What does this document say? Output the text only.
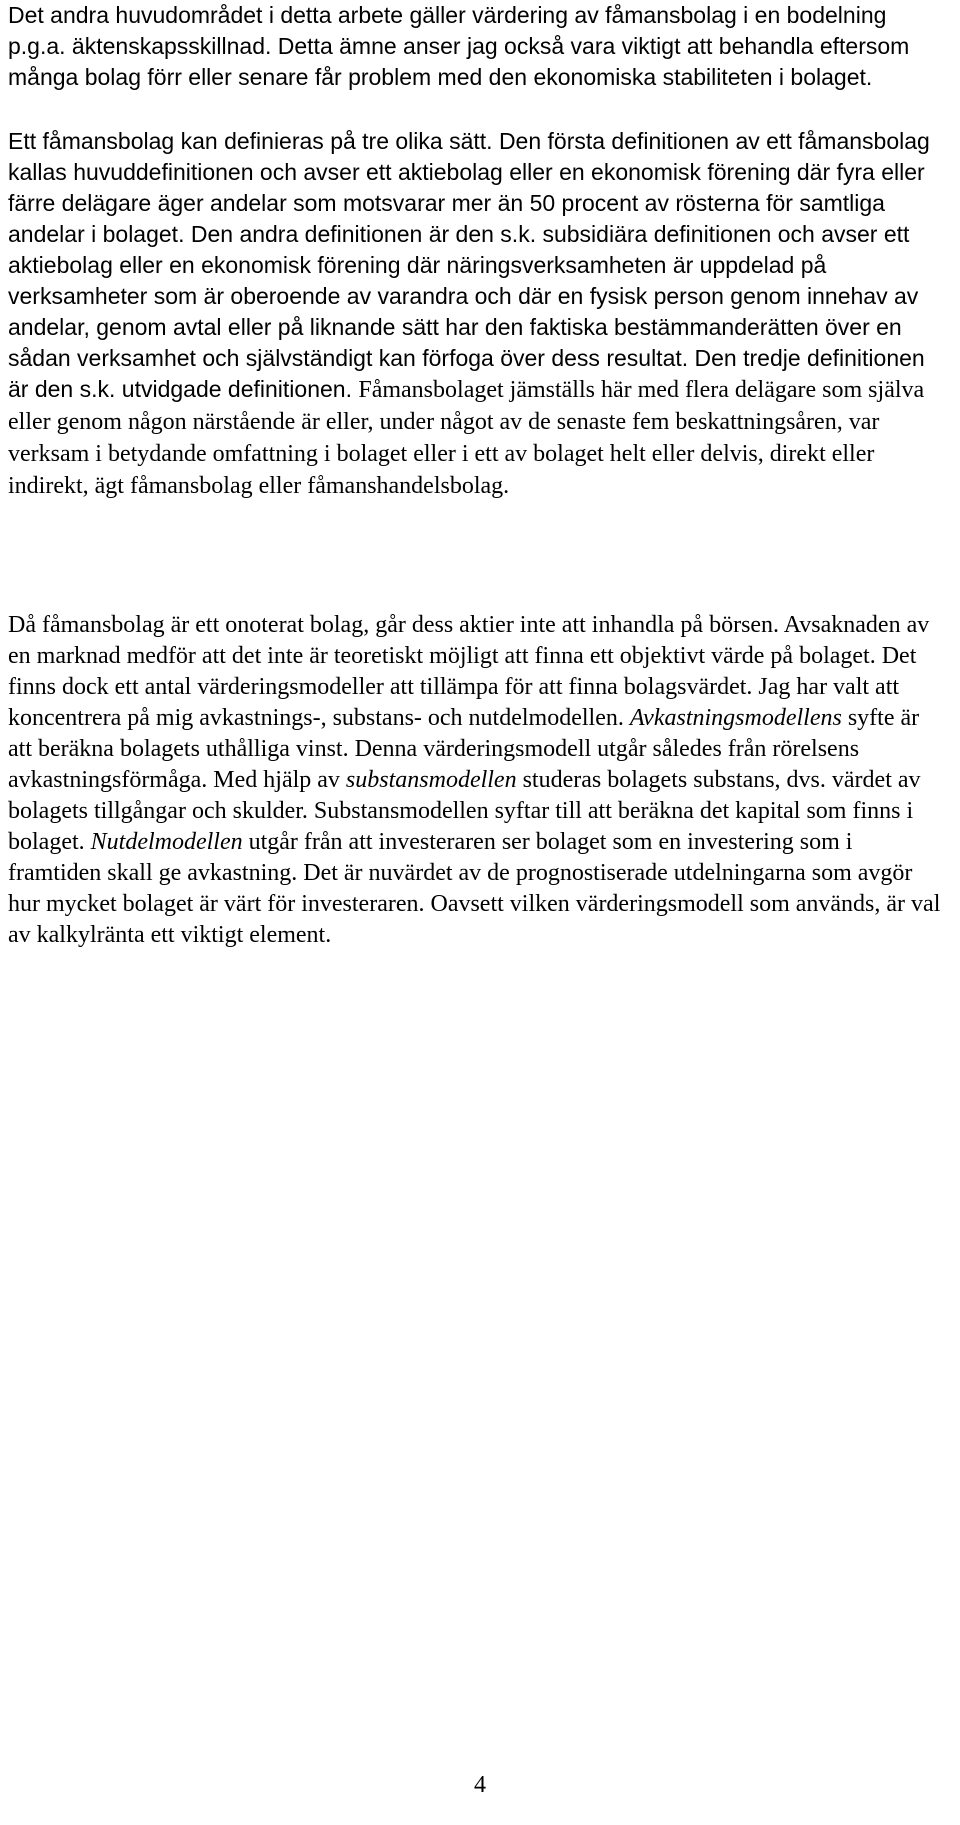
Det andra huvudområdet i detta arbete gäller värdering av fåmansbolag i en bodelning p.g.a. äktenskapsskillnad. Detta ämne anser jag också vara viktigt att behandla eftersom många bolag förr eller senare får problem med den ekonomiska stabiliteten i bolaget.

Ett fåmansbolag kan definieras på tre olika sätt. Den första definitionen av ett fåmansbolag kallas huvuddefinitionen och avser ett aktiebolag eller en ekonomisk förening där fyra eller färre delägare äger andelar som motsvarar mer än 50 procent av rösterna för samtliga andelar i bolaget. Den andra definitionen är den s.k. subsidiära definitionen och avser ett aktiebolag eller en ekonomisk förening där näringsverksamheten är uppdelad på verksamheter som är oberoende av varandra och där en fysisk person genom innehav av andelar, genom avtal eller på liknande sätt har den faktiska bestämmanderätten över en sådan verksamhet och självständigt kan förfoga över dess resultat. Den tredje definitionen är den s.k. utvidgade definitionen. Fåmansbolaget jämställs här med flera delägare som själva eller genom någon närstående är eller, under något av de senaste fem beskattningsåren, var verksam i betydande omfattning i bolaget eller i ett av bolaget helt eller delvis, direkt eller indirekt, ägt fåmansbolag eller fåmanshandelsbolag.

Då fåmansbolag är ett onoterat bolag, går dess aktier inte att inhandla på börsen. Avsaknaden av en marknad medför att det inte är teoretiskt möjligt att finna ett objektivt värde på bolaget. Det finns dock ett antal värderingsmodeller att tillämpa för att finna bolagsvärdet. Jag har valt att koncentrera på mig avkastnings-, substans- och nutdelmodellen. Avkastningsmodellens syfte är att beräkna bolagets uthålliga vinst. Denna värderingsmodell utgår således från rörelsens avkastningsförmåga. Med hjälp av substansmodellen studeras bolagets substans, dvs. värdet av bolagets tillgångar och skulder. Substansmodellen syftar till att beräkna det kapital som finns i bolaget. Nutdelmodellen utgår från att investeraren ser bolaget som en investering som i framtiden skall ge avkastning. Det är nuvärdet av de prognostiserade utdelningarna som avgör hur mycket bolaget är värt för investeraren. Oavsett vilken värderingsmodell som används, är val av kalkylränta ett viktigt element.

4
